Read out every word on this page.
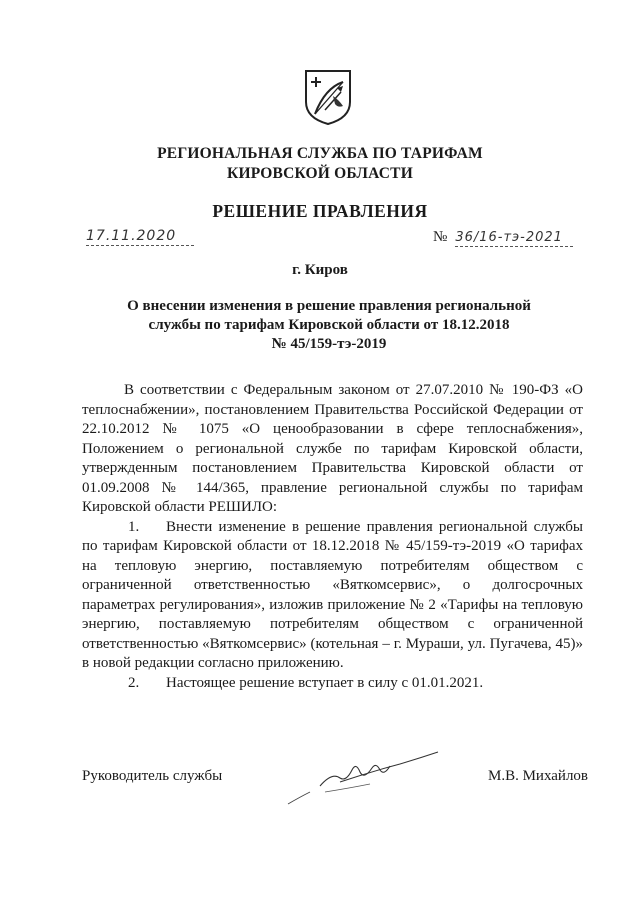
РЕГИОНАЛЬНАЯ СЛУЖБА ПО ТАРИФАМ
КИРОВСКОЙ ОБЛАСТИ
РЕШЕНИЕ ПРАВЛЕНИЯ
17.11.2020	№ 36/16-тэ-2021
г. Киров
О внесении изменения в решение правления региональной
службы по тарифам Кировской области от 18.12.2018
№ 45/159-тэ-2019

В соответствии с Федеральным законом от 27.07.2010 № 190-ФЗ «О теплоснабжении», постановлением Правительства Российской Федерации от 22.10.2012 № 1075 «О ценообразовании в сфере теплоснабжения», Положением о региональной службе по тарифам Кировской области, утвержденным постановлением Правительства Кировской области от 01.09.2008 № 144/365, правление региональной службы по тарифам Кировской области РЕШИЛО:

1. Внести изменение в решение правления региональной службы по тарифам Кировской области от 18.12.2018 № 45/159-тэ-2019 «О тарифах на тепловую энергию, поставляемую потребителям обществом с ограниченной ответственностью «Вяткомсервис», о долгосрочных параметрах регулирования», изложив приложение № 2 «Тарифы на тепловую энергию, поставляемую потребителям обществом с ограниченной ответственностью «Вяткомсервис» (котельная – г. Мураши, ул. Пугачева, 45)» в новой редакции согласно приложению.

2. Настоящее решение вступает в силу с 01.01.2021.

Руководитель службы	М.В. Михайлов
